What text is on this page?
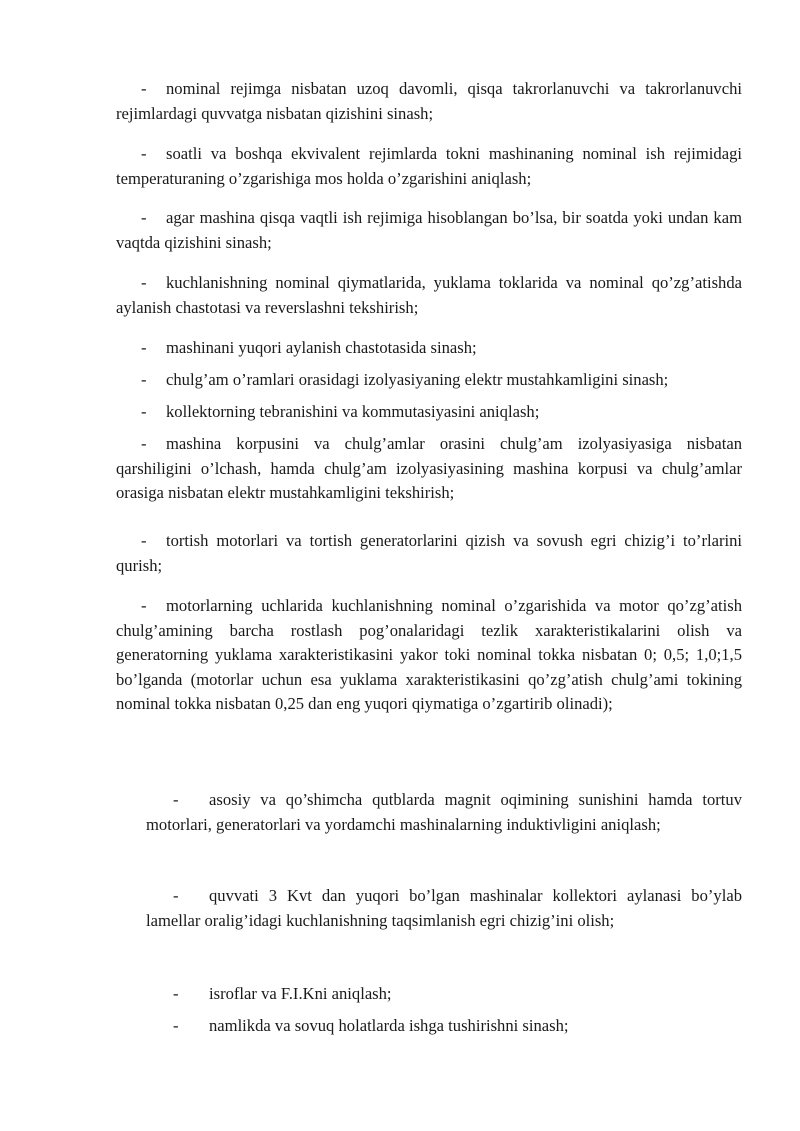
- nominal rejimga nisbatan uzoq davomli, qisqa takrorlanuvchi va takrorlanuvchi rejimlardagi quvvatga nisbatan qizishini sinash;

- soatli va boshqa ekvivalent rejimlarda tokni mashinaning nominal ish rejimidagi temperaturaning o’zgarishiga mos holda o’zgarishini aniqlash;

- agar mashina qisqa vaqtli ish rejimiga hisoblangan bo’lsa, bir soatda yoki undan kam vaqtda qizishini sinash;

- kuchlanishning nominal qiymatlarida, yuklama toklarida va nominal qo’zg’atishda aylanish chastotasi va reverslashni tekshirish;

- mashinani yuqori aylanish chastotasida sinash;

- chulg’am o’ramlari orasidagi izolyasiyaning elektr mustahkamligini sinash;

- kollektorning tebranishini va kommutasiyasini aniqlash;

- mashina korpusini va chulg’amlar orasini chulg’am izolyasiyasiga nisbatan qarshiligini o’lchash, hamda chulg’am izolyasiyasining mashina korpusi va chulg’amlar orasiga nisbatan elektr mustahkamligini tekshirish;

- tortish motorlari va tortish generatorlarini qizish va sovush egri chizig’i to’rlarini qurish;

- motorlarning uchlarida kuchlanishning nominal o’zgarishida va motor qo’zg’atish chulg’amining barcha rostlash pog’onalaridagi tezlik xarakteristikalarini olish va generatorning yuklama xarakteristikasini yakor toki nominal tokka nisbatan 0; 0,5; 1,0;1,5 bo’lganda (motorlar uchun esa yuklama xarakteristikasini qo’zg’atish chulg’ami tokining nominal tokka nisbatan 0,25 dan eng yuqori qiymatiga o’zgartirib olinadi);

- asosiy va qo’shimcha qutblarda magnit oqimining sunishini hamda tortuv motorlari, generatorlari va yordamchi mashinalarning induktivligini aniqlash;

- quvvati 3 Kvt dan yuqori bo’lgan mashinalar kollektori aylanasi bo’ylab lamellar oralig’idagi kuchlanishning taqsimlanish egri chizig’ini olish;

- isroflar va F.I.Kni aniqlash;

- namlikda va sovuq holatlarda ishga tushirishni sinash;
